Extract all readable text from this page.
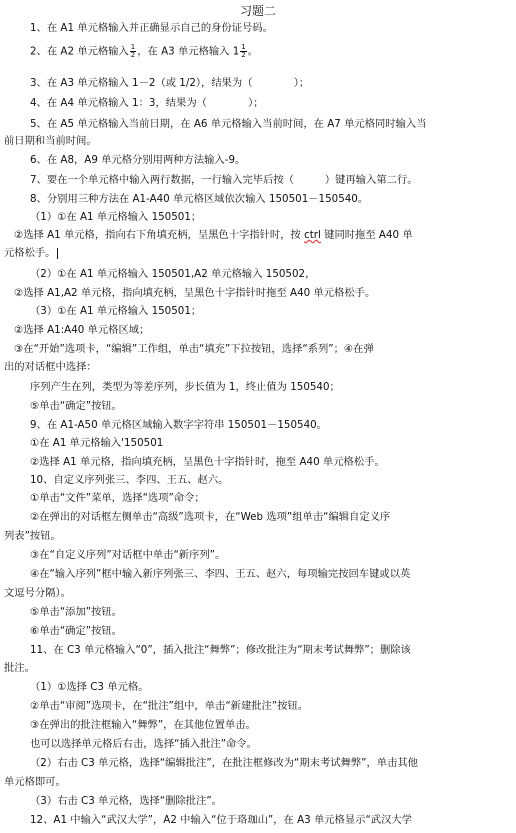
习题二
1、在 A1 单元格输入并正确显示自己的身份证号码。
2、在 A2 单元格输入 $\frac{1}{2}$ ，在 A3 单元格输入 $1 \frac{1}{2}$ 。
3、在 A3 单元格输入 1－2（或 1/2），结果为（　　　　）；
4、在 A4 单元格输入 1：3，结果为（　　　　）；
5、在 A5 单元格输入当前日期，在 A6 单元格输入当前时间，在 A7 单元格同时输入当
前日期和当前时间。
6、在 A8，A9 单元格分别用两种方法输入-9。
7、要在一个单元格中输入两行数据，一行输入完毕后按（　　　）键再输入第二行。
8、分别用三种方法在 A1-A40 单元格区域依次输入 150501－150540。
（1）①在 A1 单元格输入 150501；
②选择 A1 单元格，指向右下角填充柄，呈黑色十字指针时，按 ctrl 键同时拖至 A40 单
元格松手。
（2）①在 A1 单元格输入 150501,A2 单元格输入 150502，
②选择 A1,A2 单元格，指向填充柄，呈黑色十字指针时拖至 A40 单元格松手。
（3）①在 A1 单元格输入 150501；
②选择 A1:A40 单元格区域；
③在“开始”选项卡，“编辑”工作组，单击“填充”下拉按钮，选择“系列”；④在弹
出的对话框中选择：
序列产生在列，类型为等差序列，步长值为 1，终止值为 150540；
⑤单击“确定”按钮。
9、在 A1-A50 单元格区域输入数字字符串 150501－150540。
①在 A1 单元格输入'150501
②选择 A1 单元格，指向填充柄，呈黑色十字指针时，拖至 A40 单元格松手。
10、自定义序列张三、李四、王五、赵六。
①单击“文件”菜单，选择“选项”命令；
②在弹出的对话框左侧单击“高级”选项卡，在“Web 选项”组单击“编辑自定义序
列表”按钮。
③在“自定义序列”对话框中单击“新序列”。
④在“输入序列”框中输入新序列张三、李四、王五、赵六，每项输完按回车键或以英
文逗号分隔）。
⑤单击“添加”按钮。
⑥单击“确定”按钮。
11、在 C3 单元格输入“0”，插入批注“舞弊”；修改批注为“期末考试舞弊”；删除该
批注。
（1）①选择 C3 单元格。
②单击“审阅”选项卡，在“批注”组中，单击“新建批注”按钮。
③在弹出的批注框输入“舞弊”，在其他位置单击。
也可以选择单元格后右击，选择“插入批注”命令。
（2）右击 C3 单元格，选择“编辑批注”，在批注框修改为“期末考试舞弊”，单击其他
单元格即可。
（3）右击 C3 单元格，选择“删除批注”。
12、A1 中输入“武汉大学”，A2 中输入“位于珞珈山”，在 A3 单元格显示“武汉大学
